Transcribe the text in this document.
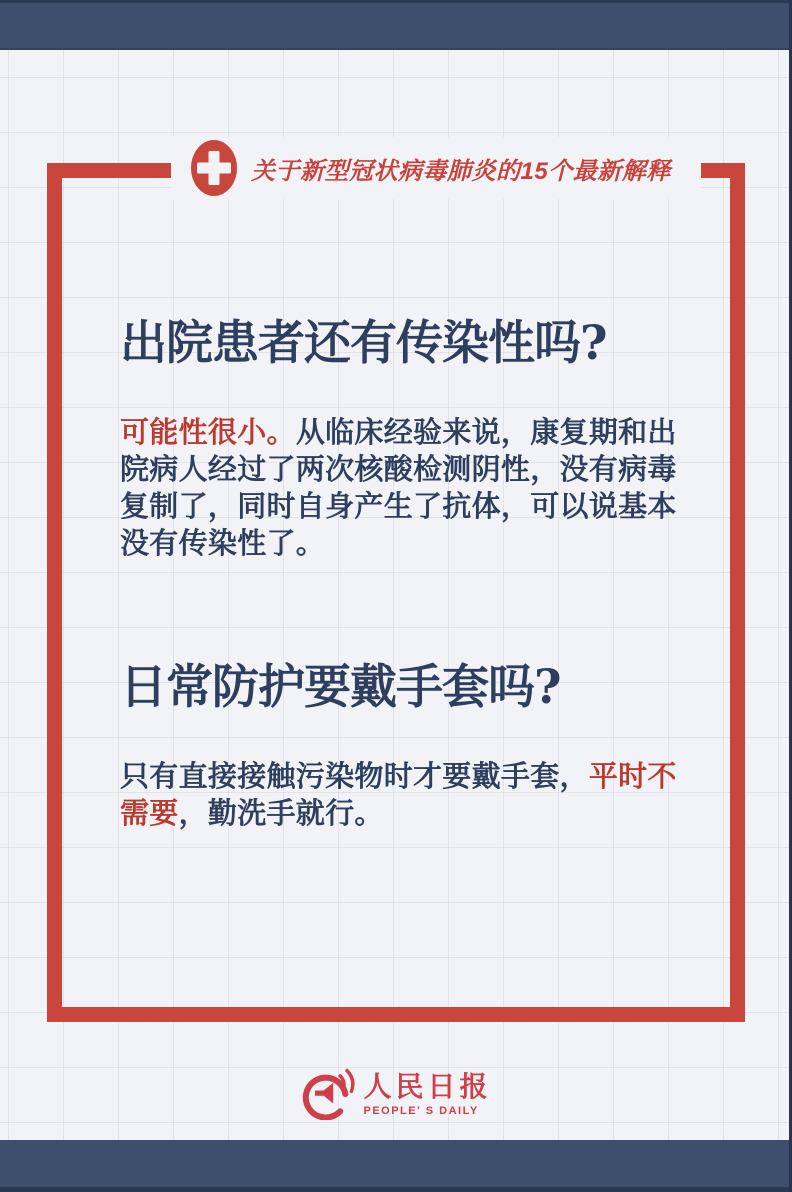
关于新型冠状病毒肺炎的15个最新解释
出院患者还有传染性吗?
可能性很小。从临床经验来说，康复期和出院病人经过了两次核酸检测阴性，没有病毒复制了，同时自身产生了抗体，可以说基本没有传染性了。
日常防护要戴手套吗?
只有直接接触污染物时才要戴手套，平时不需要，勤洗手就行。
人民日报
PEOPLE' S DAILY
